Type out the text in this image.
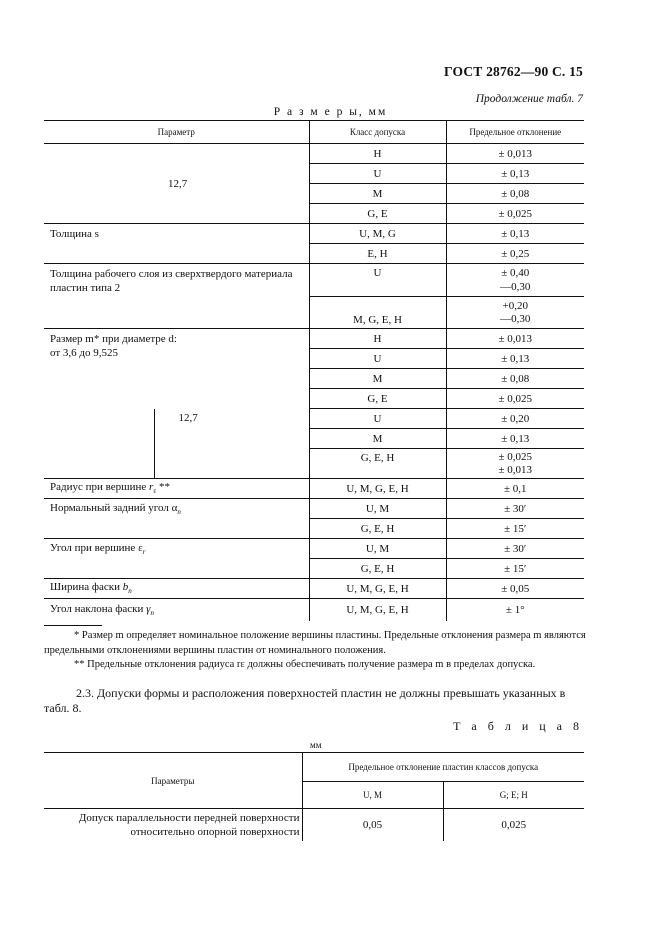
ГОСТ 28762—90 С. 15
Продолжение табл. 7
Р а з м е р ы, мм
Параметр		Класс допуска	Предельное отклонение
12,7		H	± 0,013
		U	± 0,13
		M	± 0,08
		G, E	± 0,025
Толщина s		U, M, G	± 0,13
		E, H	± 0,25
Толщина рабочего слоя из сверхтвердого материала пластин типа 2		U	± 0,40
—0,30
		M, G, E, H	+0,20
—0,30
Размер m* при диаметре d:
от 3,6 до 9,525		H	± 0,013
		U	± 0,13
		M	± 0,08
		G, E	± 0,025
	12,7	U	± 0,20
		M	± 0,13
		G, E, H	± 0,025
± 0,013
Радиус при вершине $r_\varepsilon$ **		U, M, G, E, H	± 0,1
Нормальный задний угол $\alpha_n$		U, M	± 30′
		G, E, H	± 15′
Угол при вершине $\varepsilon_r$		U, M	± 30′
		G, E, H	± 15′
Ширина фаски $b_n$		U, M, G, E, H	± 0,05
Угол наклона фаски $\gamma_n$		U, M, G, E, H	± 1°
* Размер m определяет номинальное положение вершины пластины. Предельные отклонения размера m являются предельными отклонениями вершины пластин от номинального положения.
** Предельные отклонения радиуса rε должны обеспечивать получение размера m в пределах допуска.
2.3. Допуски формы и расположения поверхностей пластин не должны превышать указанных в табл. 8.
Т а б л и ц а 8
мм
Параметры	Предельное отклонение пластин классов допуска	
	U, M	G; E; H
Допуск параллельности передней поверхности относительно опорной поверхности	0,05	0,025
